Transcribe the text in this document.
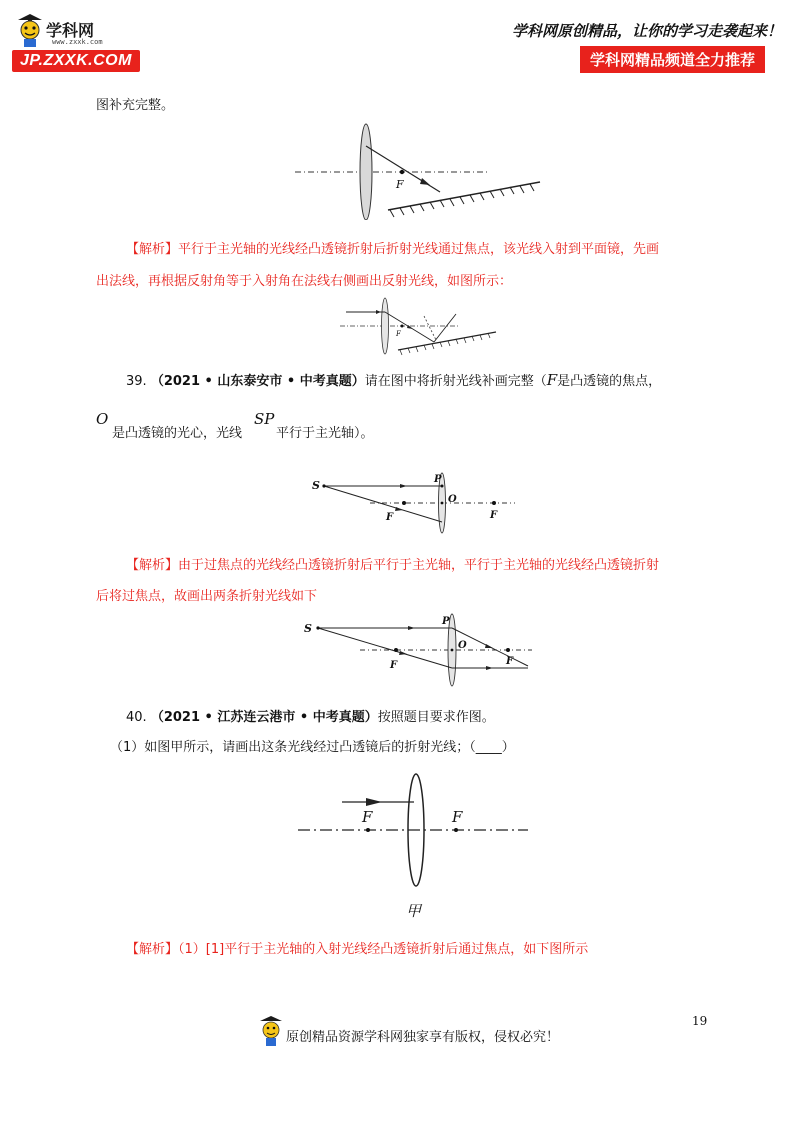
学科网
www.zxxk.com
JP.ZXXK.COM
学科网原创精品，让你的学习走袭起来！
学科网精品频道全力推荐
图补充完整。
F
【解析】平行于主光轴的光线经凸透镜折射后折射光线通过焦点，该光线入射到平面镜，先画
出法线，再根据反射角等于入射角在法线右侧画出反射光线，如图所示：
F
39. （2021 • 山东泰安市 • 中考真题）请在图中将折射光线补画完整（F是凸透镜的焦点，
O
是凸透镜的光心，光线
SP
平行于主光轴）。
S	P
O
F	F
【解析】由于过焦点的光线经凸透镜折射后平行于主光轴，平行于主光轴的光线经凸透镜折射
后将过焦点，故画出两条折射光线如下
S
P
O
F	F
40. （2021 • 江苏连云港市 • 中考真题）按照题目要求作图。
（1）如图甲所示，请画出这条光线经过凸透镜后的折射光线；（____）
F	F
甲
【解析】（1）[1]平行于主光轴的入射光线经凸透镜折射后通过焦点，如下图所示
19
原创精品资源学科网独家享有版权，侵权必究！
